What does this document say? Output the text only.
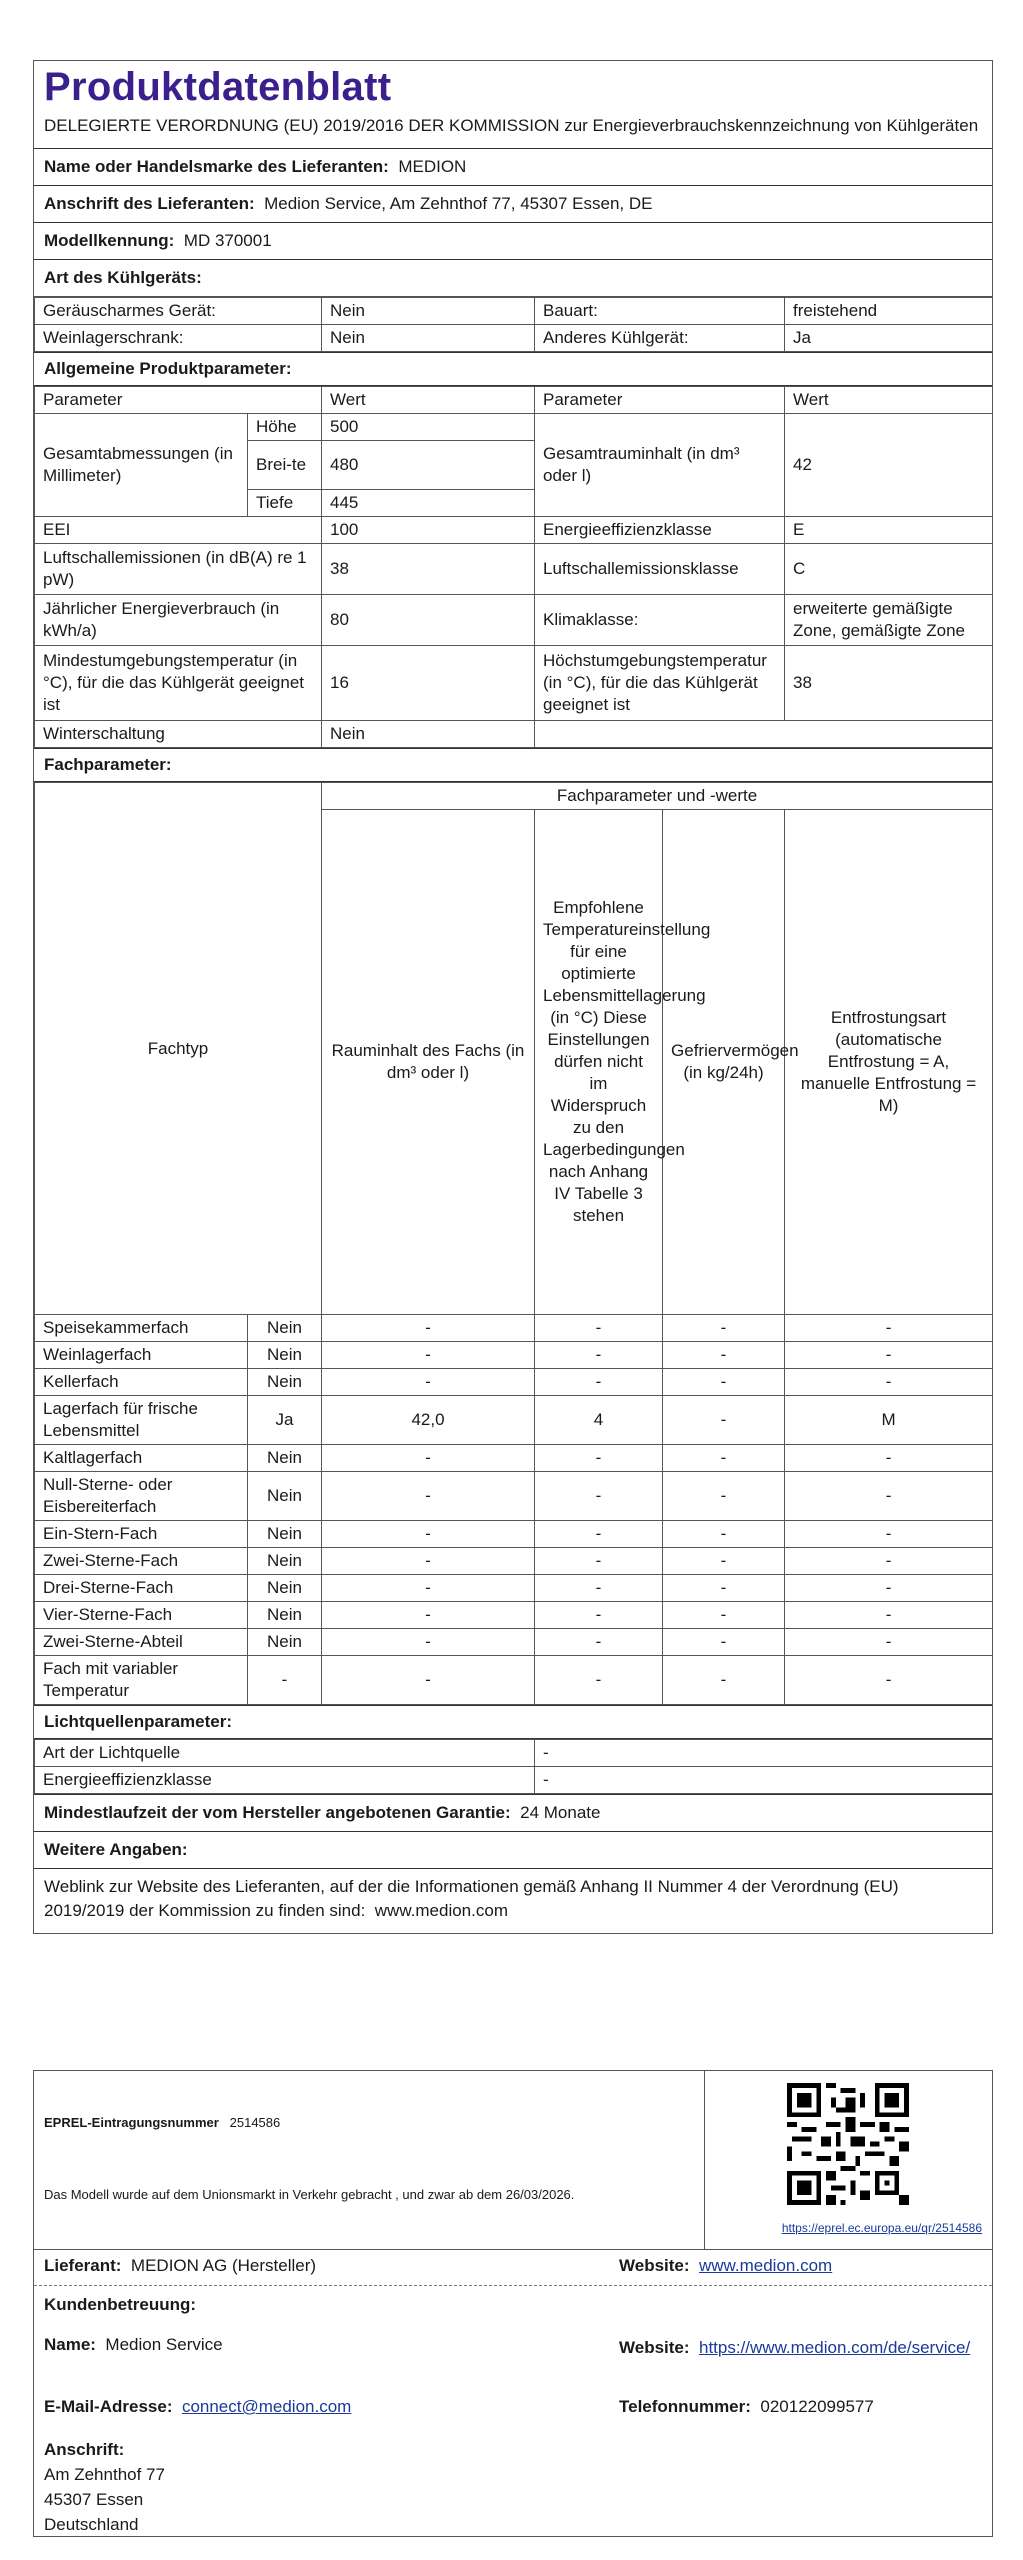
Produktdatenblatt
DELEGIERTE VERORDNUNG (EU) 2019/2016 DER KOMMISSION zur Energieverbrauchskennzeichnung von Kühlgeräten
Name oder Handelsmarke des Lieferanten: MEDION
Anschrift des Lieferanten: Medion Service, Am Zehnthof 77, 45307 Essen, DE
Modellkennung: MD 370001
Art des Kühlgeräts:
Geräuscharmes Gerät:	Nein	Bauart:	freistehend
Weinlagerschrank:	Nein	Anderes Kühlgerät:	Ja
Allgemeine Produktparameter:
Parameter		Wert	Parameter	Wert
Gesamtabmessungen (in Millimeter)	Höhe	500	Gesamtrauminhalt (in dm³ oder l)	42
	Brei-te	480		
	Tiefe	445		
EEI		100	Energieeffizienzklasse	E
Luftschallemissionen (in dB(A) re 1 pW)		38	Luftschallemissionsklasse	C
Jährlicher Energieverbrauch (in kWh/a)		80	Klimaklasse:	erweiterte gemäßigte Zone, gemäßigte Zone
Mindestumgebungstemperatur (in °C), für die das Kühlgerät geeignet ist		16	Höchstumgebungstemperatur (in °C), für die das Kühlgerät geeignet ist	38
Winterschaltung		Nein		
Fachparameter:
Fachtyp		Fachparameter und -werte			
		Rauminhalt des Fachs (in dm³ oder l)	Empfohlene Temperatureinstellung für eine optimierte Lebensmittellagerung (in °C) Diese Einstellungen dürfen nicht im Widerspruch zu den Lagerbedingungen nach Anhang IV Tabelle 3 stehen	Gefriervermögen (in kg/24h)	Entfrostungsart (automatische Entfrostung = A, manuelle Entfrostung = M)
Speisekammerfach	Nein	-	-	-	-
Weinlagerfach	Nein	-	-	-	-
Kellerfach	Nein	-	-	-	-
Lagerfach für frische Lebensmittel	Ja	42,0	4	-	M
Kaltlagerfach	Nein	-	-	-	-
Null-Sterne- oder Eisbereiterfach	Nein	-	-	-	-
Ein-Stern-Fach	Nein	-	-	-	-
Zwei-Sterne-Fach	Nein	-	-	-	-
Drei-Sterne-Fach	Nein	-	-	-	-
Vier-Sterne-Fach	Nein	-	-	-	-
Zwei-Sterne-Abteil	Nein	-	-	-	-
Fach mit variabler Temperatur	-	-	-	-	-
Lichtquellenparameter:
Art der Lichtquelle	-
Energieeffizienzklasse	-
Mindestlaufzeit der vom Hersteller angebotenen Garantie: 24 Monate
Weitere Angaben:
Weblink zur Website des Lieferanten, auf der die Informationen gemäß Anhang II Nummer 4 der Verordnung (EU) 2019/2019 der Kommission zu finden sind: www.medion.com
EPREL-Eintragungsnummer 2514586
Das Modell wurde auf dem Unionsmarkt in Verkehr gebracht , und zwar ab dem 26/03/2026.
https://eprel.ec.europa.eu/qr/2514586
Lieferant: MEDION AG (Hersteller)	Website: www.medion.com
Kundenbetreuung:
Name: Medion Service	Website: https://www.medion.com/de/service/
E-Mail-Adresse: connect@medion.com	Telefonnummer: 020122099577
Anschrift:
Am Zehnthof 77
45307 Essen
Deutschland
